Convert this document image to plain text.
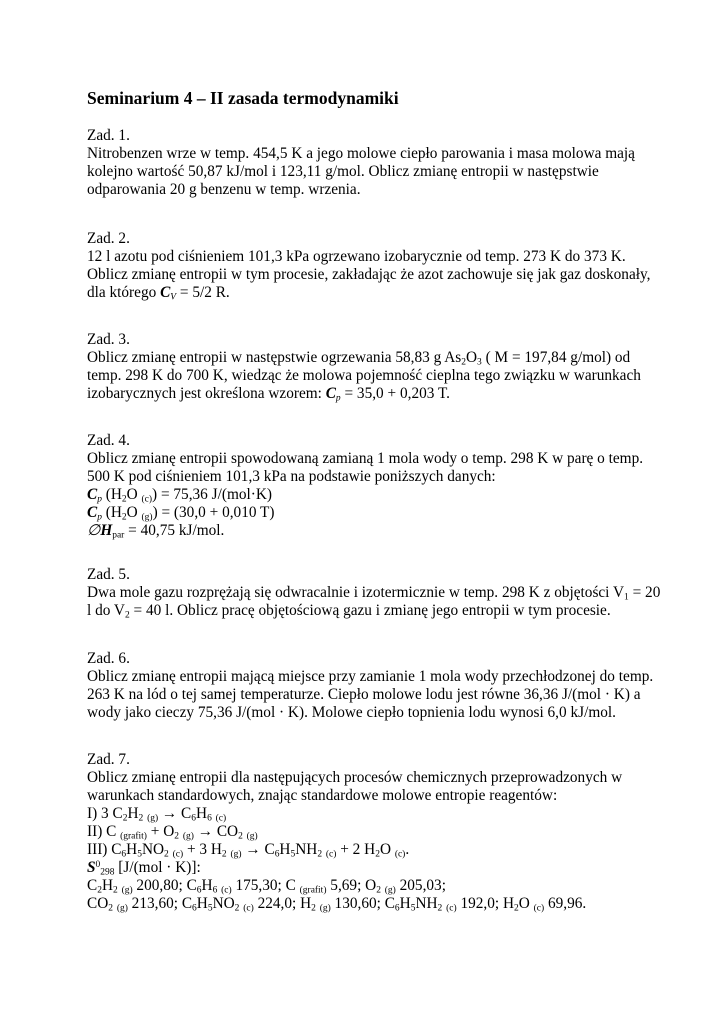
Seminarium 4 – II zasada termodynamiki

Zad. 1.

Nitrobenzen wrze w temp. 454,5 K a jego molowe ciepło parowania i masa molowa mają

kolejno wartość 50,87 kJ/mol i 123,11 g/mol. Oblicz zmianę entropii w następstwie

odparowania 20 g benzenu w temp. wrzenia.

Zad. 2.

12 l azotu pod ciśnieniem 101,3 kPa ogrzewano izobarycznie od temp. 273 K do 373 K.

Oblicz zmianę entropii w tym procesie, zakładając że azot zachowuje się jak gaz doskonały,

dla którego $C_V = 5/2$ R.

Zad. 3.

Oblicz zmianę entropii w następstwie ogrzewania 58,83 g $As_2O_3$ ( M = 197,84 g/mol) od

temp. 298 K do 700 K, wiedząc że molowa pojemność cieplna tego związku w warunkach

izobarycznych jest określona wzorem: $C_p = 35,0 + 0,203$ T.

Zad. 4.

Oblicz zmianę entropii spowodowaną zamianą 1 mola wody o temp. 298 K w parę o temp.

500 K pod ciśnieniem 101,3 kPa na podstawie poniższych danych:

$C_p$ ($H_2O$ $_{(c)}$) = 75,36 J/(mol·K)

$C_p$ ($H_2O$ $_{(g)}$) = (30,0 + 0,010 T)

$\emptyset H_{par} = 40,75$ kJ/mol.

Zad. 5.

Dwa mole gazu rozprężają się odwracalnie i izotermicznie w temp. 298 K z objętości $V_1 = 20$

l do $V_2 = 40$ l. Oblicz pracę objętościową gazu i zmianę jego entropii w tym procesie.

Zad. 6.

Oblicz zmianę entropii mającą miejsce przy zamianie 1 mola wody przechłodzonej do temp.

263 K na lód o tej samej temperaturze. Ciepło molowe lodu jest równe 36,36 J/(mol · K) a

wody jako cieczy 75,36 J/(mol · K). Molowe ciepło topnienia lodu wynosi 6,0 kJ/mol.

Zad. 7.

Oblicz zmianę entropii dla następujących procesów chemicznych przeprowadzonych w

warunkach standardowych, znając standardowe molowe entropie reagentów:

I) 3 $C_2H_2$ $_{(g)} \to C_6H_6$ $_{(c)}$

II) C $_{(grafit)} + O_2$ $_{(g)} \to CO_2$ $_{(g)}$

III) $C_6H_5NO_2$ $_{(c)}$ + 3 $H_2$ $_{(g)} \to C_6H_5NH_2$ $_{(c)}$ + 2 $H_2O$ $_{(c)}$.

$S^0_{298}$ [J/(mol · K)]:

$C_2H_2$ $_{(g)}$ 200,80; $C_6H_6$ $_{(c)}$ 175,30; C $_{(grafit)}$ 5,69; $O_2$ $_{(g)}$ 205,03;

$CO_2$ $_{(g)}$ 213,60; $C_6H_5NO_2$ $_{(c)}$ 224,0; $H_2$ $_{(g)}$ 130,60; $C_6H_5NH_2$ $_{(c)}$ 192,0; $H_2O$ $_{(c)}$ 69,96.
